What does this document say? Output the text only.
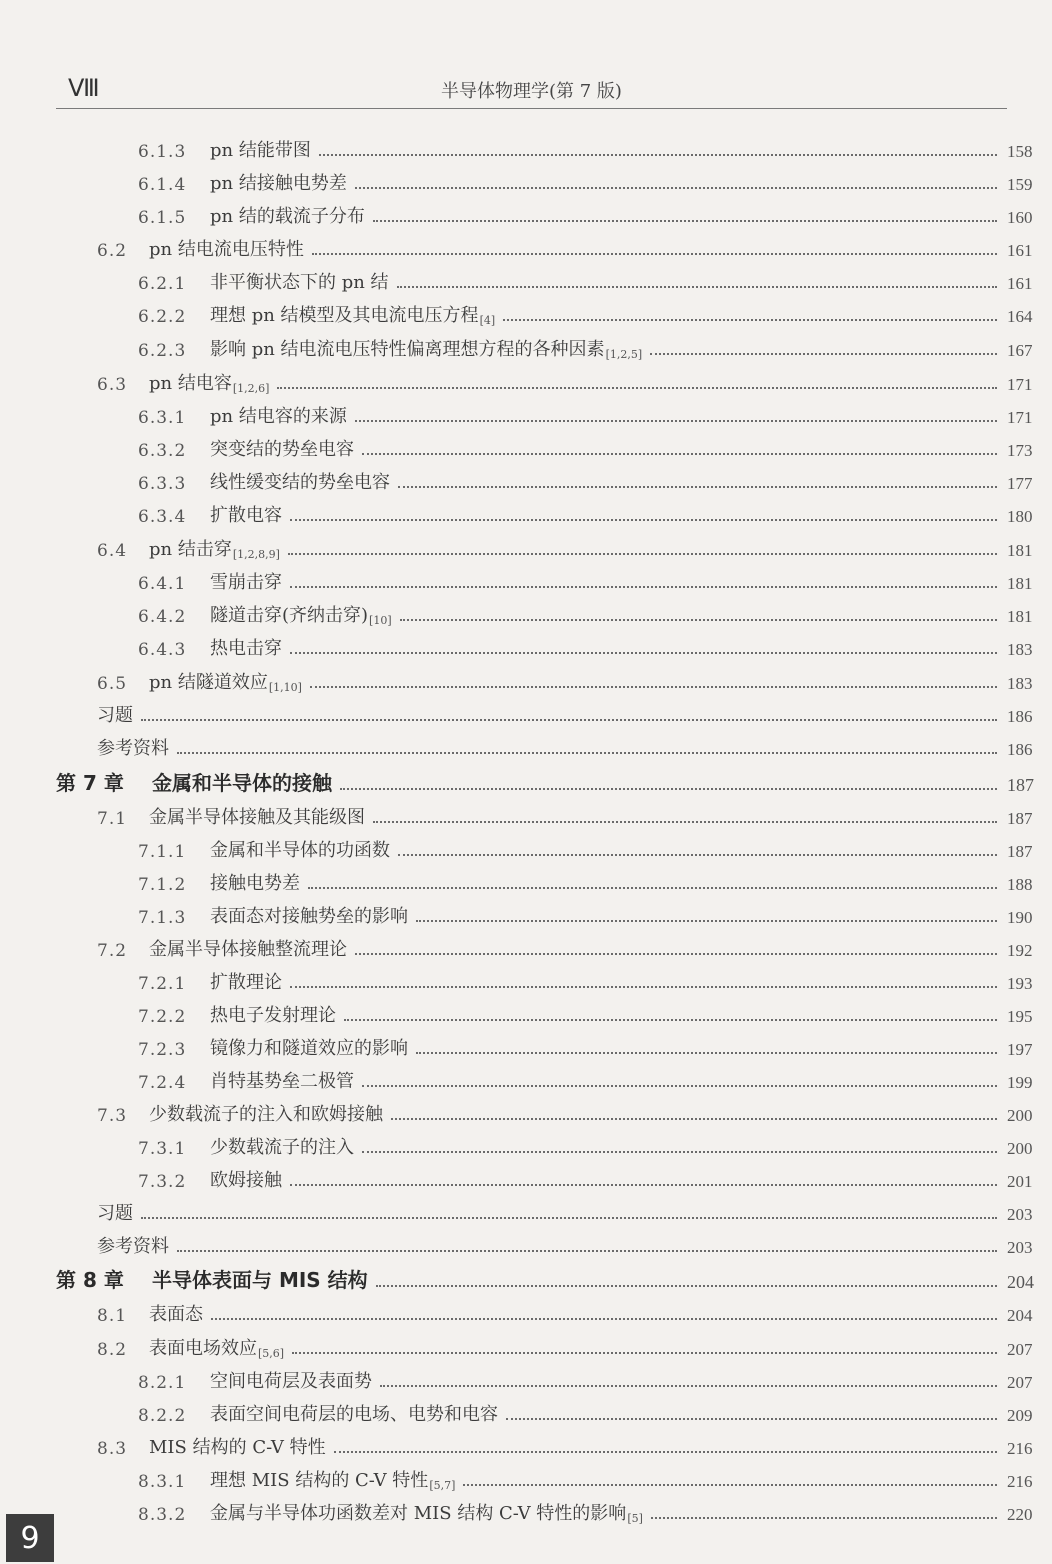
Ⅷ	半导体物理学(第 7 版)
6.1.3	pn 结能带图	158
6.1.4	pn 结接触电势差	159
6.1.5	pn 结的载流子分布	160
6.2	pn 结电流电压特性	161
6.2.1	非平衡状态下的 pn 结	161
6.2.2	理想 pn 结模型及其电流电压方程 [4]	164
6.2.3	影响 pn 结电流电压特性偏离理想方程的各种因素 [1,2,5]	167
6.3	pn 结电容 [1,2,6]	171
6.3.1	pn 结电容的来源	171
6.3.2	突变结的势垒电容	173
6.3.3	线性缓变结的势垒电容	177
6.3.4	扩散电容	180
6.4	pn 结击穿 [1,2,8,9]	181
6.4.1	雪崩击穿	181
6.4.2	隧道击穿(齐纳击穿) [10]	181
6.4.3	热电击穿	183
6.5	pn 结隧道效应 [1,10]	183
习题	186
参考资料	186
第 7 章	金属和半导体的接触	187
7.1	金属半导体接触及其能级图	187
7.1.1	金属和半导体的功函数	187
7.1.2	接触电势差	188
7.1.3	表面态对接触势垒的影响	190
7.2	金属半导体接触整流理论	192
7.2.1	扩散理论	193
7.2.2	热电子发射理论	195
7.2.3	镜像力和隧道效应的影响	197
7.2.4	肖特基势垒二极管	199
7.3	少数载流子的注入和欧姆接触	200
7.3.1	少数载流子的注入	200
7.3.2	欧姆接触	201
习题	203
参考资料	203
第 8 章	半导体表面与 MIS 结构	204
8.1	表面态	204
8.2	表面电场效应 [5,6]	207
8.2.1	空间电荷层及表面势	207
8.2.2	表面空间电荷层的电场、电势和电容	209
8.3	MIS 结构的 C-V 特性	216
8.3.1	理想 MIS 结构的 C-V 特性 [5,7]	216
8.3.2	金属与半导体功函数差对 MIS 结构 C-V 特性的影响 [5]	220
9
